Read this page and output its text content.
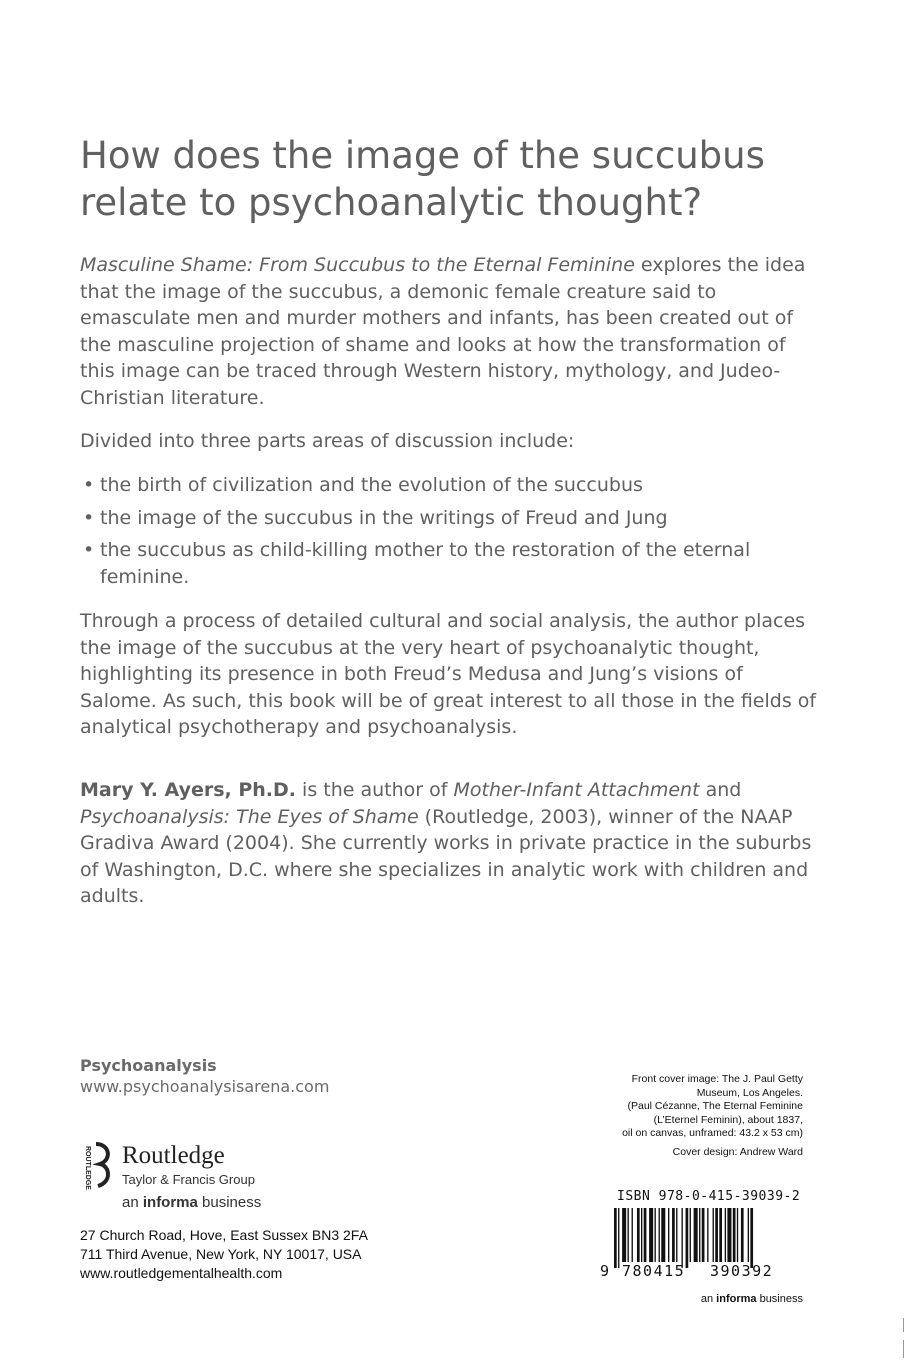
How does the image of the succubus relate to psychoanalytic thought?

Masculine Shame: From Succubus to the Eternal Feminine explores the idea that the image of the succubus, a demonic female creature said to emasculate men and murder mothers and infants, has been created out of the masculine projection of shame and looks at how the transformation of this image can be traced through Western history, mythology, and Judeo-Christian literature.

Divided into three parts areas of discussion include:

• the birth of civilization and the evolution of the succubus
• the image of the succubus in the writings of Freud and Jung
• the succubus as child-killing mother to the restoration of the eternal feminine.

Through a process of detailed cultural and social analysis, the author places the image of the succubus at the very heart of psychoanalytic thought, highlighting its presence in both Freud’s Medusa and Jung’s visions of Salome. As such, this book will be of great interest to all those in the fields of analytical psychotherapy and psychoanalysis.

Mary Y. Ayers, Ph.D. is the author of Mother-Infant Attachment and Psychoanalysis: The Eyes of Shame (Routledge, 2003), winner of the NAAP Gradiva Award (2004). She currently works in private practice in the suburbs of Washington, D.C. where she specializes in analytic work with children and adults.

Psychoanalysis
www.psychoanalysisarena.com
ROUTLEDGE Routledge
Taylor & Francis Group
an informa business
27 Church Road, Hove, East Sussex BN3 2FA
711 Third Avenue, New York, NY 10017, USA
www.routledgementalhealth.com
Front cover image: The J. Paul Getty
Museum, Los Angeles.
(Paul Cézanne, The Eternal Feminine
(L’Eternel Feminin), about 1837,
oil on canvas, unframed: 43.2 x 53 cm)
Cover design: Andrew Ward
ISBN 978-0-415-39039-2
9 780415 390392
an informa business
